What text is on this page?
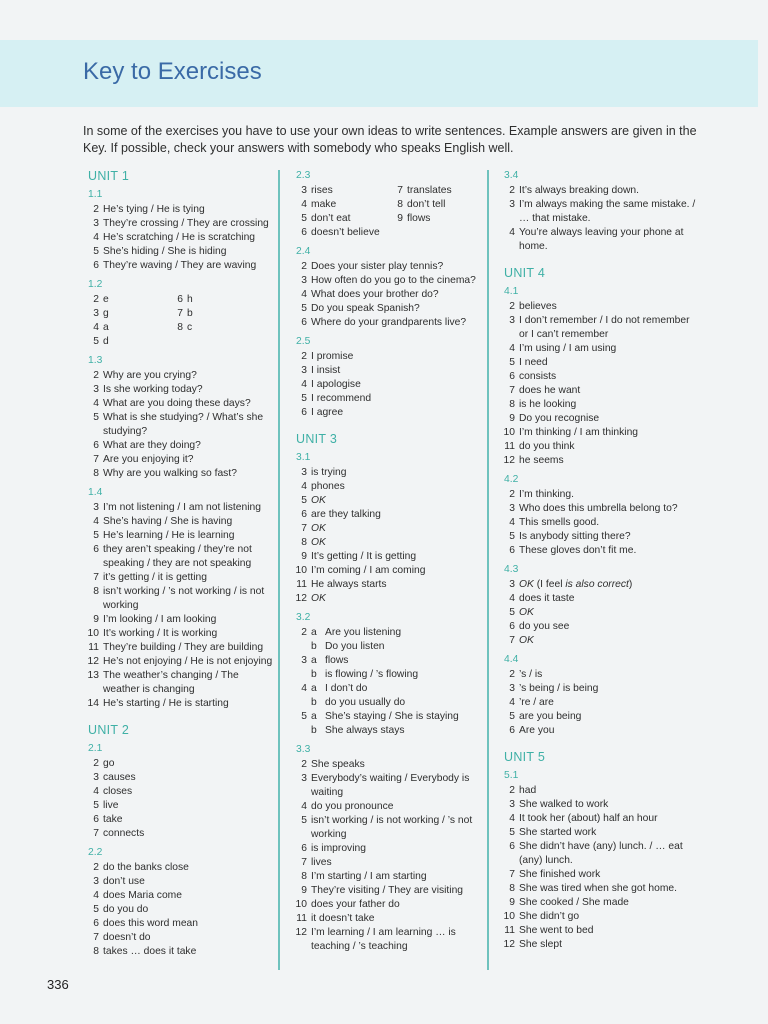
Key to Exercises
In some of the exercises you have to use your own ideas to write sentences. Example answers are given in the Key. If possible, check your answers with somebody who speaks English well.
UNIT 1
1.1
2 He’s tying / He is tying
3 They’re crossing / They are crossing
4 He’s scratching / He is scratching
5 She’s hiding / She is hiding
6 They’re waving / They are waving
1.2
2 e	6 h
3 g	7 b
4 a	8 c
5 d
1.3
2 Why are you crying?
3 Is she working today?
4 What are you doing these days?
5 What is she studying? / What’s she studying?
6 What are they doing?
7 Are you enjoying it?
8 Why are you walking so fast?
1.4
3 I’m not listening / I am not listening
4 She’s having / She is having
5 He’s learning / He is learning
6 they aren’t speaking / they’re not speaking / they are not speaking
7 it’s getting / it is getting
8 isn’t working / ’s not working / is not working
9 I’m looking / I am looking
10 It’s working / It is working
11 They’re building / They are building
12 He’s not enjoying / He is not enjoying
13 The weather’s changing / The weather is changing
14 He’s starting / He is starting
UNIT 2
2.1
2 go
3 causes
4 closes
5 live
6 take
7 connects
2.2
2 do the banks close
3 don’t use
4 does Maria come
5 do you do
6 does this word mean
7 doesn’t do
8 takes … does it take
2.3
3 rises	7 translates
4 make	8 don’t tell
5 don’t eat	9 flows
6 doesn’t believe
2.4
2 Does your sister play tennis?
3 How often do you go to the cinema?
4 What does your brother do?
5 Do you speak Spanish?
6 Where do your grandparents live?
2.5
2 I promise
3 I insist
4 I apologise
5 I recommend
6 I agree
UNIT 3
3.1
3 is trying
4 phones
5 OK
6 are they talking
7 OK
8 OK
9 It’s getting / It is getting
10 I’m coming / I am coming
11 He always starts
12 OK
3.2
2 a Are you listening
b Do you listen
3 a flows
b is flowing / ’s flowing
4 a I don’t do
b do you usually do
5 a She’s staying / She is staying
b She always stays
3.3
2 She speaks
3 Everybody’s waiting / Everybody is waiting
4 do you pronounce
5 isn’t working / is not working / ’s not working
6 is improving
7 lives
8 I’m starting / I am starting
9 They’re visiting / They are visiting
10 does your father do
11 it doesn’t take
12 I’m learning / I am learning … is teaching / ’s teaching
3.4
2 It’s always breaking down.
3 I’m always making the same mistake. / … that mistake.
4 You’re always leaving your phone at home.
UNIT 4
4.1
2 believes
3 I don’t remember / I do not remember or I can’t remember
4 I’m using / I am using
5 I need
6 consists
7 does he want
8 is he looking
9 Do you recognise
10 I’m thinking / I am thinking
11 do you think
12 he seems
4.2
2 I’m thinking.
3 Who does this umbrella belong to?
4 This smells good.
5 Is anybody sitting there?
6 These gloves don’t fit me.
4.3
3 OK (I feel is also correct)
4 does it taste
5 OK
6 do you see
7 OK
4.4
2 ’s / is
3 ’s being / is being
4 ’re / are
5 are you being
6 Are you
UNIT 5
5.1
2 had
3 She walked to work
4 It took her (about) half an hour
5 She started work
6 She didn’t have (any) lunch. / … eat (any) lunch.
7 She finished work
8 She was tired when she got home.
9 She cooked / She made
10 She didn’t go
11 She went to bed
12 She slept
336
